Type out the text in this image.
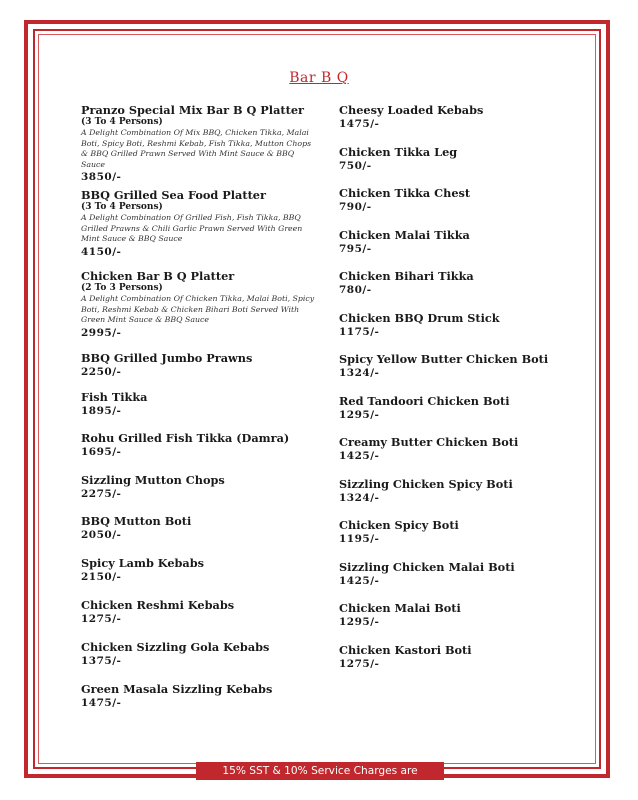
Bar B Q
Pranzo Special Mix Bar B Q Platter
(3 To 4 Persons)
A Delight Combination Of Mix BBQ, Chicken Tikka, Malai Boti, Spicy Boti, Reshmi Kebab, Fish Tikka, Mutton Chops & BBQ Grilled Prawn Served With Mint Sauce & BBQ Sauce
3850/-
BBQ Grilled Sea Food Platter
(3 To 4 Persons)
A Delight Combination Of Grilled Fish, Fish Tikka, BBQ Grilled Prawns & Chili Garlic Prawn Served With Green Mint Sauce & BBQ Sauce
4150/-
Chicken Bar B Q Platter
(2 To 3 Persons)
A Delight Combination Of Chicken Tikka, Malai Boti, Spicy Boti, Reshmi Kebab & Chicken Bihari Boti Served With Green Mint Sauce & BBQ Sauce
2995/-
BBQ Grilled Jumbo Prawns
2250/-
Fish Tikka
1895/-
Rohu Grilled Fish Tikka (Damra)
1695/-
Sizzling Mutton Chops
2275/-
BBQ Mutton Boti
2050/-
Spicy Lamb Kebabs
2150/-
Chicken Reshmi Kebabs
1275/-
Chicken Sizzling Gola Kebabs
1375/-
Green Masala Sizzling Kebabs
1475/-
Cheesy Loaded Kebabs
1475/-
Chicken Tikka Leg
750/-
Chicken Tikka Chest
790/-
Chicken Malai Tikka
795/-
Chicken Bihari Tikka
780/-
Chicken BBQ Drum Stick
1175/-
Spicy Yellow Butter Chicken Boti
1324/-
Red Tandoori Chicken Boti
1295/-
Creamy Butter Chicken Boti
1425/-
Sizzling Chicken Spicy Boti
1324/-
Chicken Spicy Boti
1195/-
Sizzling Chicken Malai Boti
1425/-
Chicken Malai Boti
1295/-
Chicken Kastori Boti
1275/-
15% SST & 10% Service Charges are applicable.
